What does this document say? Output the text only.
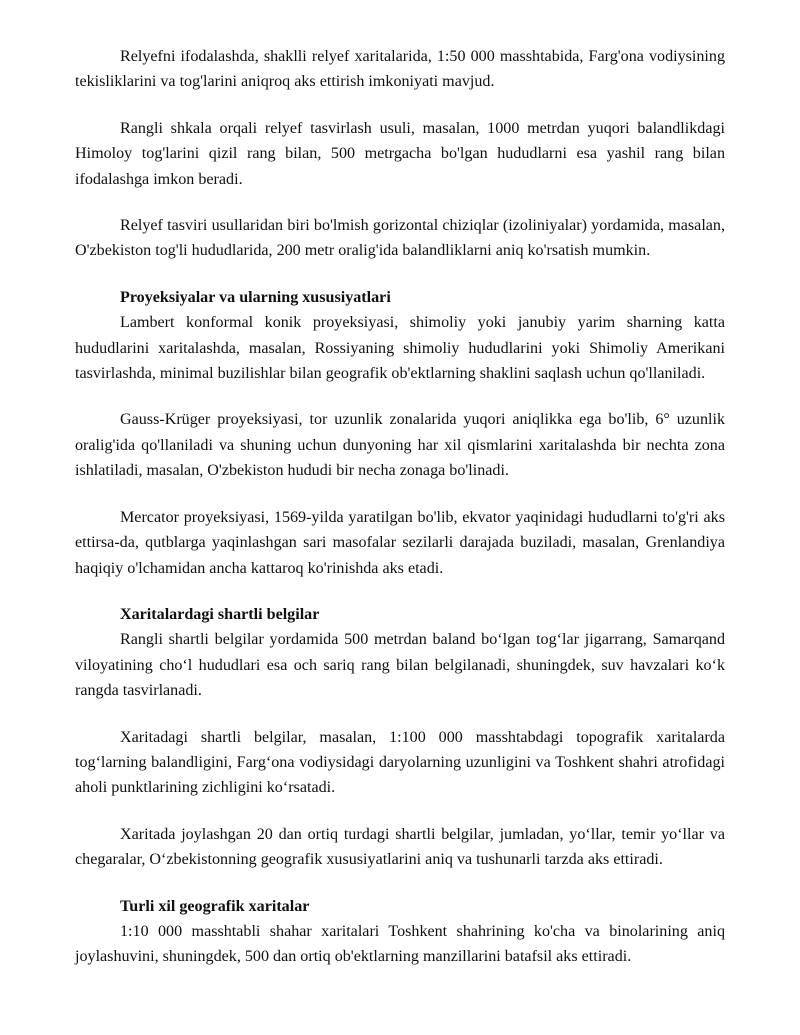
Relyefni ifodalashda, shaklli relyef xaritalarida, 1:50 000 masshtabida, Farg'ona vodiysining tekisliklarini va tog'larini aniqroq aks ettirish imkoniyati mavjud.

Rangli shkala orqali relyef tasvirlash usuli, masalan, 1000 metrdan yuqori balandlikdagi Himoloy tog'larini qizil rang bilan, 500 metrgacha bo'lgan hududlarni esa yashil rang bilan ifodalashga imkon beradi.

Relyef tasviri usullaridan biri bo'lmish gorizontal chiziqlar (izoliniyalar) yordamida, masalan, O'zbekiston tog'li hududlarida, 200 metr oralig'ida balandliklarni aniq ko'rsatish mumkin.

Proyeksiyalar va ularning xususiyatlari

Lambert konformal konik proyeksiyasi, shimoliy yoki janubiy yarim sharning katta hududlarini xaritalashda, masalan, Rossiyaning shimoliy hududlarini yoki Shimoliy Amerikani tasvirlashda, minimal buzilishlar bilan geografik ob'ektlarning shaklini saqlash uchun qo'llaniladi.

Gauss-Krüger proyeksiyasi, tor uzunlik zonalarida yuqori aniqlikka ega bo'lib, 6° uzunlik oralig'ida qo'llaniladi va shuning uchun dunyoning har xil qismlarini xaritalashda bir nechta zona ishlatiladi, masalan, O'zbekiston hududi bir necha zonaga bo'linadi.

Mercator proyeksiyasi, 1569-yilda yaratilgan bo'lib, ekvator yaqinidagi hududlarni to'g'ri aks ettirsa-da, qutblarga yaqinlashgan sari masofalar sezilarli darajada buziladi, masalan, Grenlandiya haqiqiy o'lchamidan ancha kattaroq ko'rinishda aks etadi.

Xaritalardagi shartli belgilar

Rangli shartli belgilar yordamida 500 metrdan baland bo‘lgan tog‘lar jigarrang, Samarqand viloyatining cho‘l hududlari esa och sariq rang bilan belgilanadi, shuningdek, suv havzalari ko‘k rangda tasvirlanadi.

Xaritadagi shartli belgilar, masalan, 1:100 000 masshtabdagi topografik xaritalarda tog‘larning balandligini, Farg‘ona vodiysidagi daryolarning uzunligini va Toshkent shahri atrofidagi aholi punktlarining zichligini ko‘rsatadi.

Xaritada joylashgan 20 dan ortiq turdagi shartli belgilar, jumladan, yo‘llar, temir yo‘llar va chegaralar, O‘zbekistonning geografik xususiyatlarini aniq va tushunarli tarzda aks ettiradi.

Turli xil geografik xaritalar

1:10 000 masshtabli shahar xaritalari Toshkent shahrining ko'cha va binolarining aniq joylashuvini, shuningdek, 500 dan ortiq ob'ektlarning manzillarini batafsil aks ettiradi.
